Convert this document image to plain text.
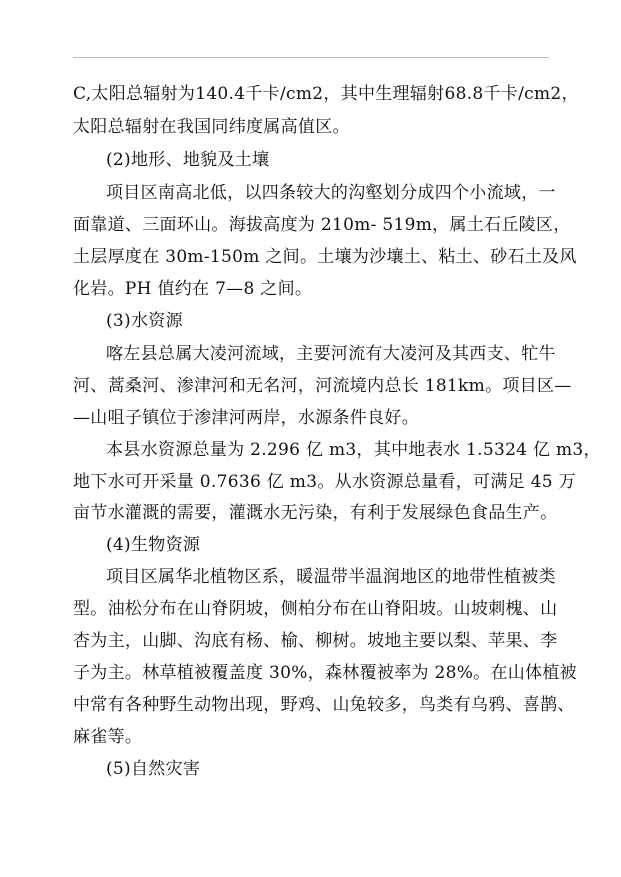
C,太阳总辐射为140.4千卡/cm2，其中生理辐射68.8千卡/cm2，
太阳总辐射在我国同纬度属高值区。
(2)地形、地貌及土壤
项目区南高北低，以四条较大的沟壑划分成四个小流域，一
面靠道、三面环山。海拔高度为 210m- 519m，属土石丘陵区，
土层厚度在 30m-150m 之间。土壤为沙壤土、粘土、砂石土及风
化岩。PH 值约在 7—8 之间。
(3)水资源
喀左县总属大凌河流域，主要河流有大凌河及其西支、牤牛
河、蒿桑河、渗津河和无名河，河流境内总长 181km。项目区—
—山咀子镇位于渗津河两岸，水源条件良好。
本县水资源总量为 2.296 亿 m3，其中地表水 1.5324 亿 m3，
地下水可开采量 0.7636 亿 m3。从水资源总量看，可满足 45 万
亩节水灌溉的需要，灌溉水无污染，有利于发展绿色食品生产。
(4)生物资源
项目区属华北植物区系，暖温带半温润地区的地带性植被类
型。油松分布在山脊阴坡，侧柏分布在山脊阳坡。山坡刺槐、山
杏为主，山脚、沟底有杨、榆、柳树。坡地主要以梨、苹果、李
子为主。林草植被覆盖度 30%，森林覆被率为 28%。在山体植被
中常有各种野生动物出现，野鸡、山兔较多，鸟类有乌鸦、喜鹊、
麻雀等。
(5)自然灾害
